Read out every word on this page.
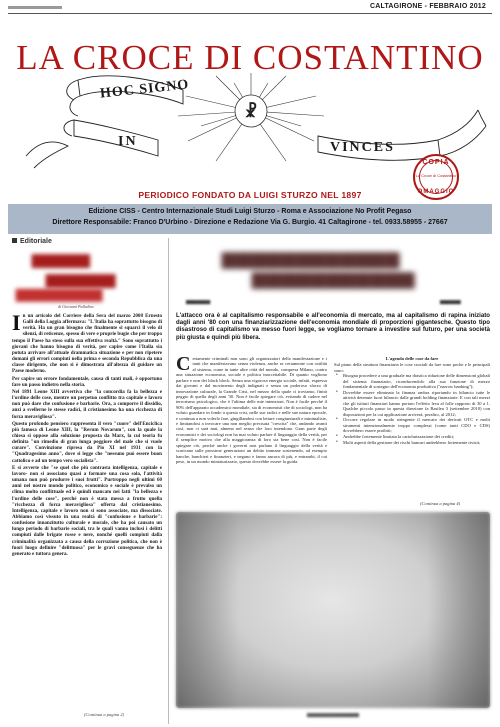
CALTAGIRONE - FEBBRAIO 2012
LA CROCE DI COSTANTINO
☧
HOC SIGNO
IN	VINCES
COPIA
La Croce di Costantino
OMAGGIO
PERIODICO FONDATO DA LUIGI STURZO NEL 1897
Edizione CISS - Centro Internazionale Studi Luigi Sturzo - Roma e Associazione No Profit Pegaso
Direttore Responsabile: Franco D'Urbino - Direzione e Redazione Via G. Burgio. 41 Caltagirone - tel. 0933.58955 - 27667
Editoriale
▆▆▆▆▆
▆▆▆▆▆▆
▆▆▆▆▆▆▆▆
di Giovanni Palladino

In un articolo del Corriere della Sera del marzo 2008 Ernesto Galli della Loggia affermava: "L'Italia ha soprattutto bisogno di verità. Ha un gran bisogno che finalmente si squarci il velo di silenzi, di reticenze, spesso di vere e proprie bugie che per troppo tempo il Paese ha steso sulla sua effettiva realtà." Sono soprattutto i giovani che hanno bisogno di verità, per capire come l'Italia sia potuta arrivare all'attuale drammatica situazione e per non ripetere domani gli errori compiuti nella prima e seconda Repubblica da una classe dirigente, che non si è dimostrata all'altezza di guidare un Paese moderno.

Per capire un errore fondamentale, causa di tanti mali, è opportuno fare un passo indietro nella storia.

Nel 1891 Leone XIII avvertiva che "la concordia fa la bellezza e l'ordine delle cose, mentre un perpetuo conflitto tra capitale e lavoro non può dare che confusione e barbarie. Ora, a comporre il dissidio, anzi a svellerne le stesse radici, il cristianesimo ha una ricchezza di forza meravigliosa".

Questo profondo pensiero rappresenta il vero "cuore" dell'Enciclica più famosa di Leone XIII, la "Rerum Novarum", con la quale la chiesa si oppose alla soluzione proposta da Marx, la cui teoria fu definita "un rimedio di gran lunga peggiore del male che si vuole curare". Convinzione ripresa da Pio XI nel 1931 con la "Quadragesimo anno", dove si legge che "nessuno può essere buon cattolico e ad un tempo vero socialista".

E si avverte che "se quel che più contrasta intelligenza, capitale e lavoro- non si associano quasi a formare una cosa sola, l'attività umana non può produrre i suoi frutti". Purtroppo negli ultimi 60 anni nel nostro mondo politico, economico e sociale è prevalso un clima molto conflittuale ed è quindi mancato nei fatti "la bellezza e l'ordine delle cose", perché non è stata messa a frutto quella "ricchezza di forza meravigliosa" offerta dal cristianesimo. Intelligenza, capitale e lavoro non si sono associate, ma dissociate. Abbiamo così vissuto in una realtà di "confusione e barbarie": confusione innanzitutto culturale e morale, che ha poi causato un lungo periodo di barbarie sociali, tra le quali vanno inclusi i delitti compiuti dalle brigate rosse e nere, nonché quelli compiuti dalla criminalità organizzata a causa della corruzione politica, che non è fuori luogo definire "delittuosa" per le gravi conseguenze che ha generato e tuttora genera.

(Continua a pagina 2)
▆▆▆▆▆▆▆▆▆▆▆▆
▆▆▆▆▆▆▆▆▆▆▆
▆▆▆▆▆▆▆	▆▆▆▆▆▆
L'attacco ora è al capitalismo responsabile e all'economia di mercato, ma al capitalismo di rapina iniziato dagli anni '80 con una finanziarizzazione dell'economia mondiale di proporzioni gigantesche. Questo tipo disastroso di capitalismo va messo fuori legge, se vogliamo tornare a investire sul futuro, per una società più giusta e quindi più libera.
Certamente criminali non sono gli organizzatori della manifestazione e i tanti che manifestavano senza violenza, anche se certamente con ostilità al sistema, come in tante altre città del mondo, compresa Milano, contro una situazione economica, sociale e politica inaccettabile. Di quanto vogliono parlare e non dei black block. Senza una vigorosa energia sociale, infatti, espressa dai giovani e dal movimento degli indignati e senza un poderoso sforzo di innovazione culturale, la Grande Crisi, nel mezzo della quale ci troviamo, finirà peggio di quella degli anni '30. Non è facile spiegare ciò, evitando di cadere nel terrorismo psicologico, che è l'ultima delle mie intenzioni. Non è facile perché il 90% dell'apparato accademico mondiale, sia di economisti che di sociologi, non ha voluto guardare in fondo a questa crisi, nelle sue radici e nelle sue natura epocale, e continua a non volerlo fare, gingillandosi con letture congiunturali e minimaliste, e limitandosi a invocare una non meglio precisata "crescita" che, andando avanti così, non ci sarà mai, almeno nel senso che loro intendono. Gran parte degli economisti e dei sociologi non ha mai voluto parlare il linguaggio della verità, per il semplice motivo che alla maggioranza di loro sta bene così. Non è facile spiegare ciò, perché anche i governi non parlano il linguaggio della verità e scaricano sulle prossime generazioni un debito immane sostenendo, ad esempio banche, banchieri e finanzieri, e negano e fanno ancora di più, e entrambi, il cui peso, in un mondo miniaturizzato, questo dovrebbe essere la guida.
L'agenda delle cose da fare
Sul piano della struttura finanziaria le cose cruciali da fare sono poche e le principali sono:
• Bisogna procedere a una graduale ma drastica riduzione delle dimensioni globali del sistema finanziario, riconducendolo alla sua funzione di mezzo fondamentale di sostegno dell'economia produttiva ("narrow banking");
• Dovrebbe essere eliminata la finanza ombra riportando in bilancio tutte le attività detenute fuori bilancio dalle grandi holding finanziarie. E con tali mezzi che gli istituti finanziari hanno portato l'effetto leva al folle rapporto di 30 a 1. Qualche piccolo passo in questa direzione fa Basilea 3 (settembre 2010) con disposizioni per la cui applicazione arriverà, peraltro, al 2012;
• Occorre regolare in modo stringente il mercato dei derivati OTC e molti strumenti intenzionalmente troppo complessi (come tanti CDO e CDS) dovrebbero essere proibiti;
• Andrebbe fortemente limitata la cartolarizzazione dei crediti;
• Molti aspetti della gestione dei rischi bancari andrebbero fortemente rivisti;
(Continua a pagina 4)
▆▆▆▆▆▆▆▆▆▆▆▆▆▆▆
